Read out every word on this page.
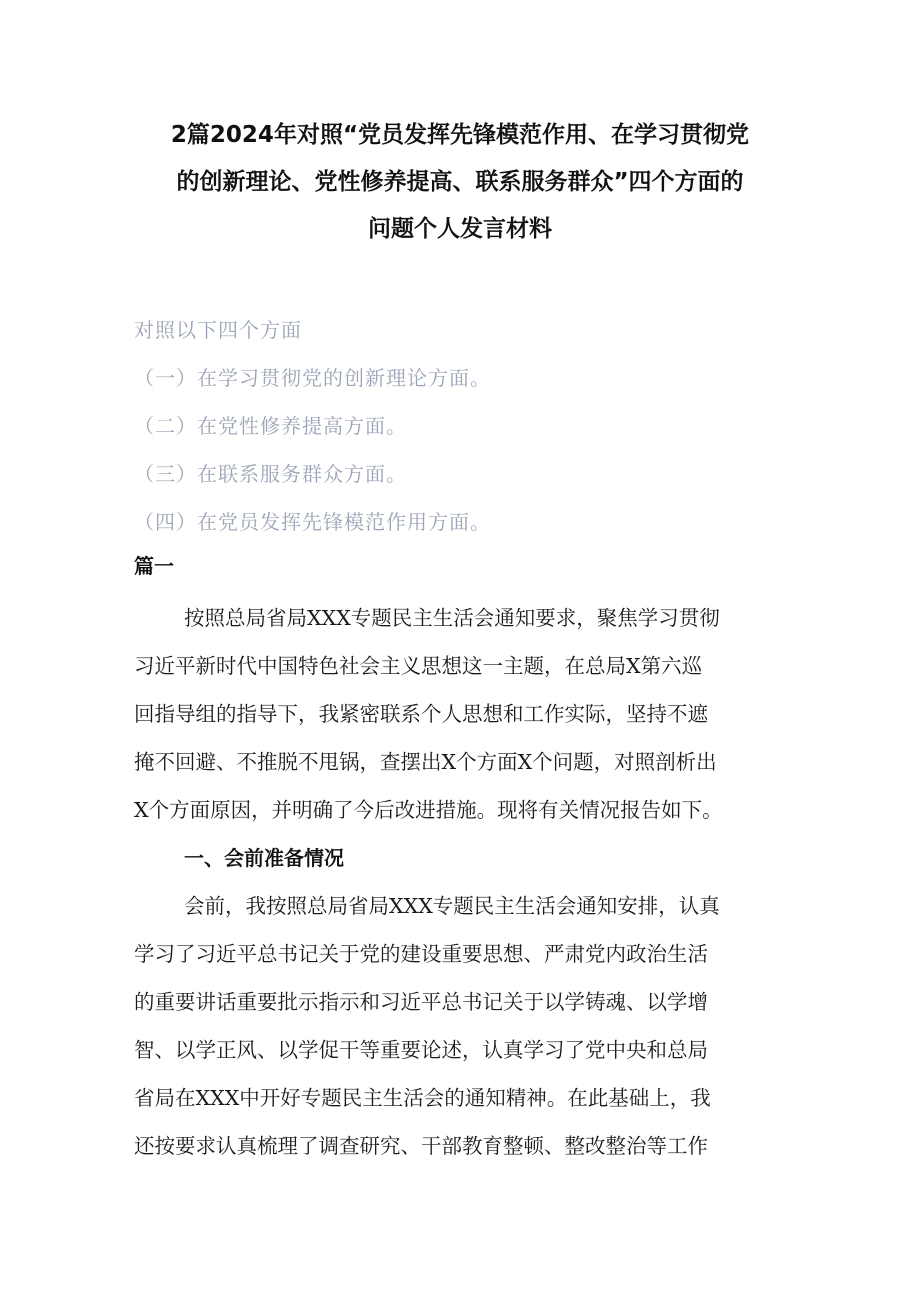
2篇2024年对照“党员发挥先锋模范作用、在学习贯彻党
的创新理论、党性修养提高、联系服务群众”四个方面的
问题个人发言材料
对照以下四个方面
（一）在学习贯彻党的创新理论方面。
（二）在党性修养提高方面。
（三）在联系服务群众方面。
（四）在党员发挥先锋模范作用方面。
篇一
按照总局省局XXX专题民主生活会通知要求，聚焦学习贯彻
习近平新时代中国特色社会主义思想这一主题，在总局X第六巡
回指导组的指导下，我紧密联系个人思想和工作实际，坚持不遮
掩不回避、不推脱不甩锅，查摆出X个方面X个问题，对照剖析出
X个方面原因，并明确了今后改进措施。现将有关情况报告如下。
一、会前准备情况
会前，我按照总局省局XXX专题民主生活会通知安排，认真
学习了习近平总书记关于党的建设重要思想、严肃党内政治生活
的重要讲话重要批示指示和习近平总书记关于以学铸魂、以学增
智、以学正风、以学促干等重要论述，认真学习了党中央和总局
省局在XXX中开好专题民主生活会的通知精神。在此基础上，我
还按要求认真梳理了调查研究、干部教育整顿、整改整治等工作
